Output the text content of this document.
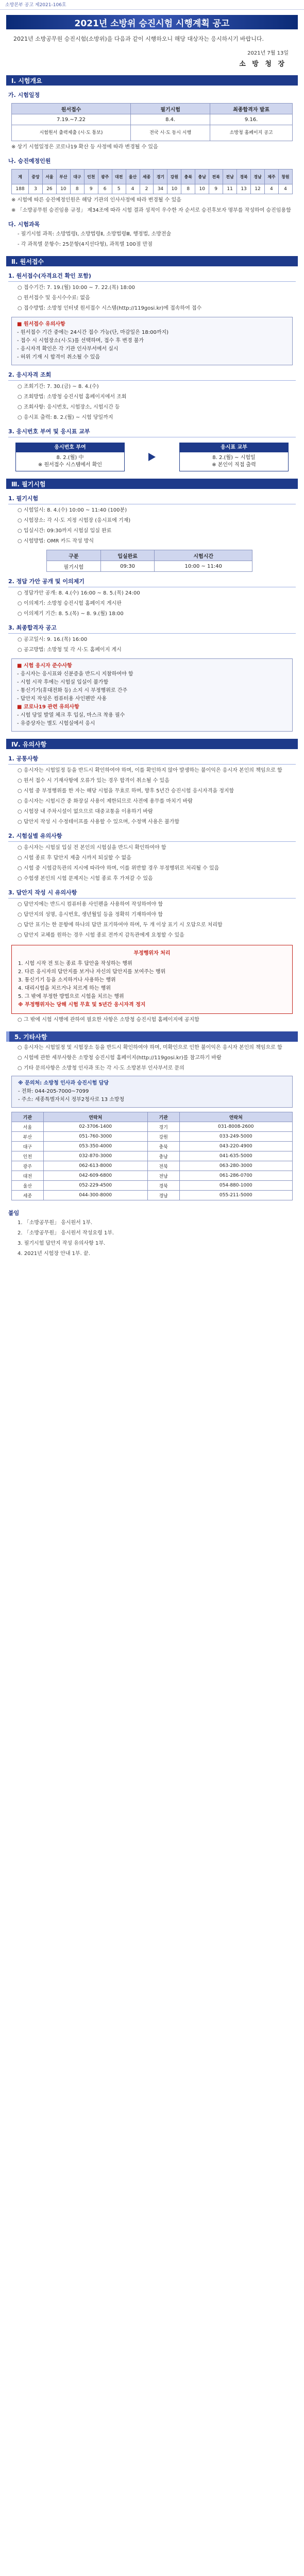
소방본부 공고 제2021-106호
2021년 소방위 승진시험 시행계획 공고
2021년 소방공무원 승진시험(소방위)을 다음과 같이 시행하오니 해당 대상자는 응시하시기 바랍니다.
2021년 7월 13일
소 방 청 장
Ⅰ. 시험개요
가. 시험일정
원서접수	필기시험	최종합격자 발표
7.19.~7.22	8.4.	9.16.
시험원서 출력제출 (시·도 통보)	전국 시·도 동시 시행	소방청 홈페이지 공고
※ 상기 시험일정은 코로나19 확산 등 사정에 따라 변경될 수 있음
나. 승진예정인원
계	중앙	서울	부산	대구	인천	광주	대전	울산	세종	경기	강원	충북	충남	전북	전남	경북	경남	제주	창원
188	3	26	10	8	9	6	5	4	2	34	10	8	10	9	11	13	12	4	4
※ 시험에 따른 승진예정인원은 해당 기관의 인사사정에 따라 변경될 수 있음
※ 「소방공무원 승진임용 규정」 제34조에 따라 시험 결과 성적이 우수한 자 순서로 승진후보자 명부를 작성하여 승진임용함
다. 시험과목
- 필기시험 과목: 소방법령Ⅰ, 소방법령Ⅱ, 소방법령Ⅲ, 행정법, 소방전술
- 각 과목별 문항수: 25문항(4지선다형), 과목별 100점 만점
Ⅱ. 원서접수
1. 원서접수(자격요건 확인 포함)
○ 접수기간: 7. 19.(월) 10:00 ~ 7. 22.(목) 18:00
○ 원서접수 및 응시수수료: 없음
○ 접수방법: 소방청 인터넷 원서접수 시스템(http://119gosi.kr)에 접속하여 접수
■ 원서접수 유의사항
- 원서접수 기간 중에는 24시간 접수 가능(단, 마감일은 18:00까지)
- 접수 시 시험장소(시·도)를 선택하며, 접수 후 변경 불가
- 응시자격 확인은 각 기관 인사부서에서 실시
- 허위 기재 시 합격이 취소될 수 있음
2. 응시자격 조회
○ 조회기간: 7. 30.(금) ~ 8. 4.(수)
○ 조회방법: 소방청 승진시험 홈페이지에서 조회
○ 조회사항: 응시번호, 시험장소, 시험시간 등
○ 응시표 출력: 8. 2.(월) ~ 시험 당일까지
3. 응시번호 부여 및 응시표 교부
응시번호 부여
8. 2.(월) 中
※ 원서접수 시스템에서 확인
응시표 교부
8. 2.(월) ~ 시험일
※ 본인이 직접 출력
Ⅲ. 필기시험
1. 필기시험
○ 시험일시: 8. 4.(수) 10:00 ~ 11:40 (100분)
○ 시험장소: 각 시·도 지정 시험장 (응시표에 기재)
○ 입실시간: 09:30까지 시험실 입실 완료
○ 시험방법: OMR 카드 작성 방식
구분	입실완료	시험시간
필기시험	09:30	10:00 ~ 11:40
2. 정답 가안 공개 및 이의제기
○ 정답가안 공개: 8. 4.(수) 16:00 ~ 8. 5.(목) 24:00
○ 이의제기: 소방청 승진시험 홈페이지 게시판
○ 이의제기 기간: 8. 5.(목) ~ 8. 9.(월) 18:00
3. 최종합격자 공고
○ 공고일시: 9. 16.(목) 16:00
○ 공고방법: 소방청 및 각 시·도 홈페이지 게시
■ 시험 응시자 준수사항
- 응시자는 응시표와 신분증을 반드시 지참하여야 함
- 시험 시작 후에는 시험실 입실이 불가함
- 통신기기(휴대전화 등) 소지 시 부정행위로 간주
- 답안지 작성은 컴퓨터용 사인펜만 사용
■ 코로나19 관련 유의사항
- 시험 당일 발열 체크 후 입실, 마스크 착용 필수
- 유증상자는 별도 시험실에서 응시
Ⅳ. 유의사항
1. 공통사항
○ 응시자는 시험일정 등을 반드시 확인하여야 하며, 이를 확인하지 않아 발생하는 불이익은 응시자 본인의 책임으로 함
○ 원서 접수 시 기재사항에 오류가 있는 경우 합격이 취소될 수 있음
○ 시험 중 부정행위를 한 자는 해당 시험을 무효로 하며, 향후 5년간 승진시험 응시자격을 정지함
○ 응시자는 시험시간 중 화장실 사용이 제한되므로 사전에 용무를 마치기 바람
○ 시험장 내 주차시설이 없으므로 대중교통을 이용하기 바람
○ 답안지 작성 시 수정테이프를 사용할 수 있으며, 수정액 사용은 불가함
2. 시험실별 유의사항
○ 응시자는 시험실 입실 전 본인의 시험실을 반드시 확인하여야 함
○ 시험 종료 후 답안지 제출 시까지 퇴실할 수 없음
○ 시험 중 시험감독관의 지시에 따라야 하며, 이를 위반할 경우 부정행위로 처리될 수 있음
○ 수험생 본인의 시험 문제지는 시험 종료 후 가져갈 수 있음
3. 답안지 작성 시 유의사항
○ 답안지에는 반드시 컴퓨터용 사인펜을 사용하여 작성하여야 함
○ 답안지의 성명, 응시번호, 생년월일 등을 정확히 기재하여야 함
○ 답안 표기는 한 문항에 하나의 답만 표기하여야 하며, 두 개 이상 표기 시 오답으로 처리함
○ 답안지 교체를 원하는 경우 시험 종료 전까지 감독관에게 요청할 수 있음
부정행위자 처리
1. 시험 시작 전 또는 종료 후 답안을 작성하는 행위
2. 다른 응시자의 답안지를 보거나 자신의 답안지를 보여주는 행위
3. 통신기기 등을 소지하거나 사용하는 행위
4. 대리시험을 치르거나 치르게 하는 행위
5. 그 밖에 부정한 방법으로 시험을 치르는 행위
※ 부정행위자는 당해 시험 무효 및 5년간 응시자격 정지
○ 그 밖에 시험 시행에 관하여 필요한 사항은 소방청 승진시험 홈페이지에 공지함
5. 기타사항
○ 응시자는 시험일정 및 시험장소 등을 반드시 확인하여야 하며, 미확인으로 인한 불이익은 응시자 본인의 책임으로 함
○ 시험에 관한 세부사항은 소방청 승진시험 홈페이지(http://119gosi.kr)를 참고하기 바람
○ 기타 문의사항은 소방청 인사과 또는 각 시·도 소방본부 인사부서로 문의
※ 문의처: 소방청 인사과 승진시험 담당
- 전화: 044-205-7000~7099
- 주소: 세종특별자치시 정부2청사로 13 소방청
기관	연락처	기관	연락처
서울	02-3706-1400	경기	031-8008-2600
부산	051-760-3000	강원	033-249-5000
대구	053-350-4000	충북	043-220-4900
인천	032-870-3000	충남	041-635-5000
광주	062-613-8000	전북	063-280-3000
대전	042-609-6800	전남	061-286-0700
울산	052-229-4500	경북	054-880-1000
세종	044-300-8000	경남	055-211-5000
붙임
1. 「소방공무원」 응시원서 1부.
2. 「소방공무원」 응시원서 작성요령 1부.
3. 필기시험 답안지 작성 유의사항 1부.
4. 2021년 시험장 안내 1부. 끝.
